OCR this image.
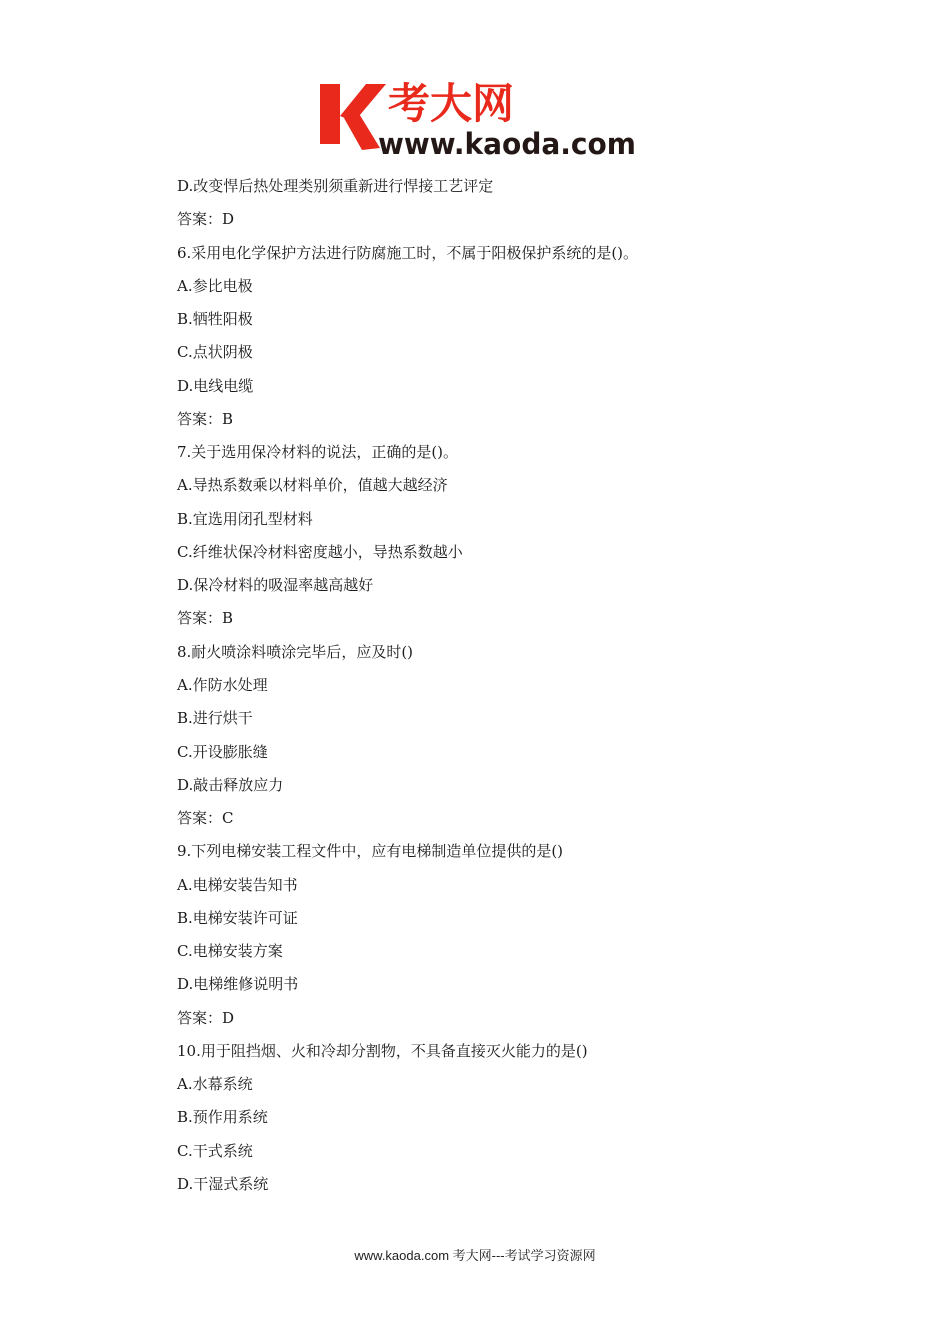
考大网
www.kaoda.com
D.改变悍后热处理类别须重新进行悍接工艺评定
答案：D
6.采用电化学保护方法进行防腐施工时，不属于阳极保护系统的是()。
A.参比电极
B.牺牲阳极
C.点状阴极
D.电线电缆
答案：B
7.关于选用保冷材料的说法，正确的是()。
A.导热系数乘以材料单价，值越大越经济
B.宜选用闭孔型材料
C.纤维状保冷材料密度越小，导热系数越小
D.保冷材料的吸湿率越高越好
答案：B
8.耐火喷涂料喷涂完毕后，应及时()
A.作防水处理
B.进行烘干
C.开设膨胀缝
D.敲击释放应力
答案：C
9.下列电梯安装工程文件中，应有电梯制造单位提供的是()
A.电梯安装告知书
B.电梯安装许可证
C.电梯安装方案
D.电梯维修说明书
答案：D
10.用于阻挡烟、火和冷却分割物，不具备直接灭火能力的是()
A.水幕系统
B.预作用系统
C.干式系统
D.干湿式系统
www.kaoda.com 考大网---考试学习资源网
